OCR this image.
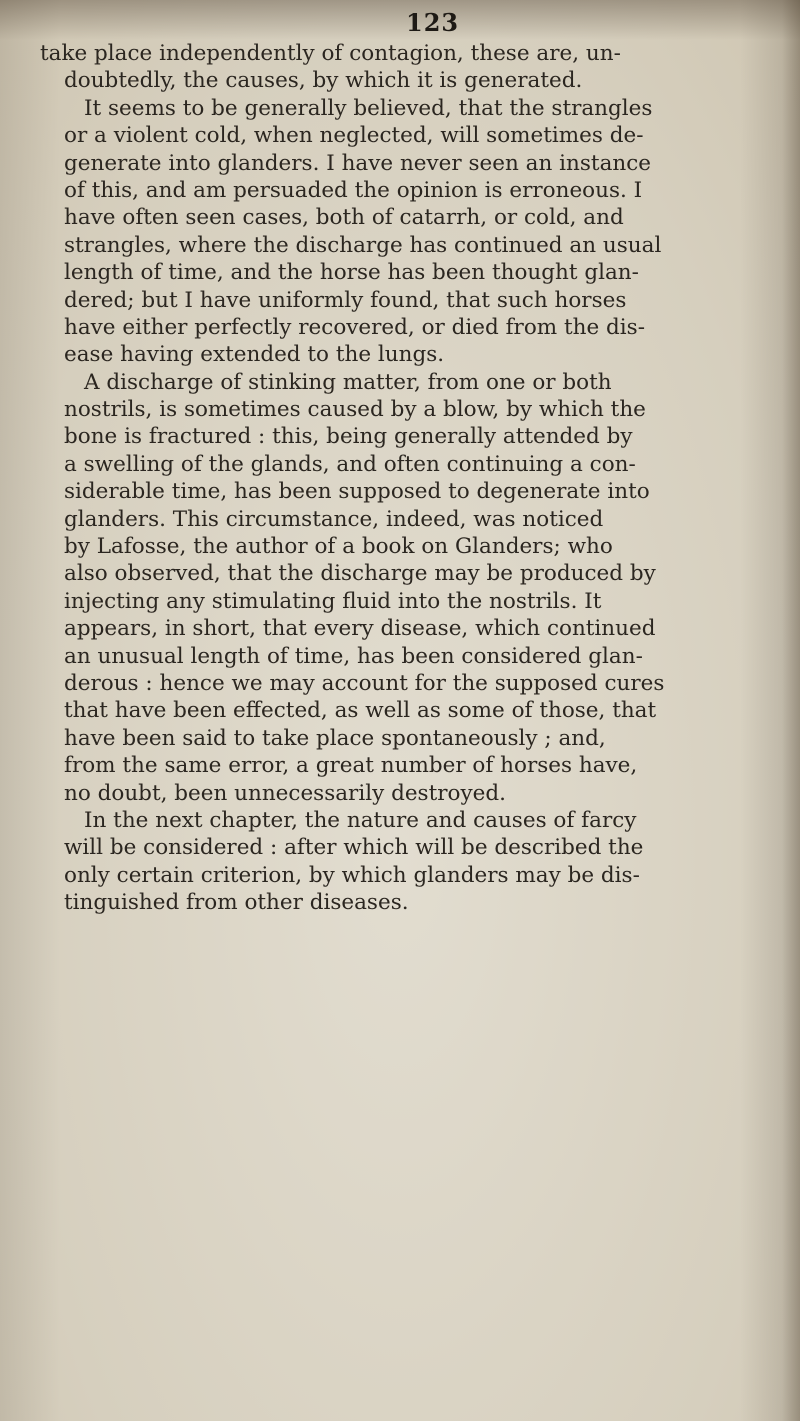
123
take place independently of contagion, these are, un-
doubtedly, the causes, by which it is generated.
It seems to be generally believed, that the strangles
or a violent cold, when neglected, will sometimes de-
generate into glanders. I have never seen an instance
of this, and am persuaded the opinion is erroneous. I
have often seen cases, both of catarrh, or cold, and
strangles, where the discharge has continued an usual
length of time, and the horse has been thought glan-
dered; but I have uniformly found, that such horses
have either perfectly recovered, or died from the dis-
ease having extended to the lungs.
A discharge of stinking matter, from one or both
nostrils, is sometimes caused by a blow, by which the
bone is fractured : this, being generally attended by
a swelling of the glands, and often continuing a con-
siderable time, has been supposed to degenerate into
glanders. This circumstance, indeed, was noticed
by Lafosse, the author of a book on Glanders; who
also observed, that the discharge may be produced by
injecting any stimulating fluid into the nostrils. It
appears, in short, that every disease, which continued
an unusual length of time, has been considered glan-
derous : hence we may account for the supposed cures
that have been effected, as well as some of those, that
have been said to take place spontaneously ; and,
from the same error, a great number of horses have,
no doubt, been unnecessarily destroyed.
In the next chapter, the nature and causes of farcy
will be considered : after which will be described the
only certain criterion, by which glanders may be dis-
tinguished from other diseases.
